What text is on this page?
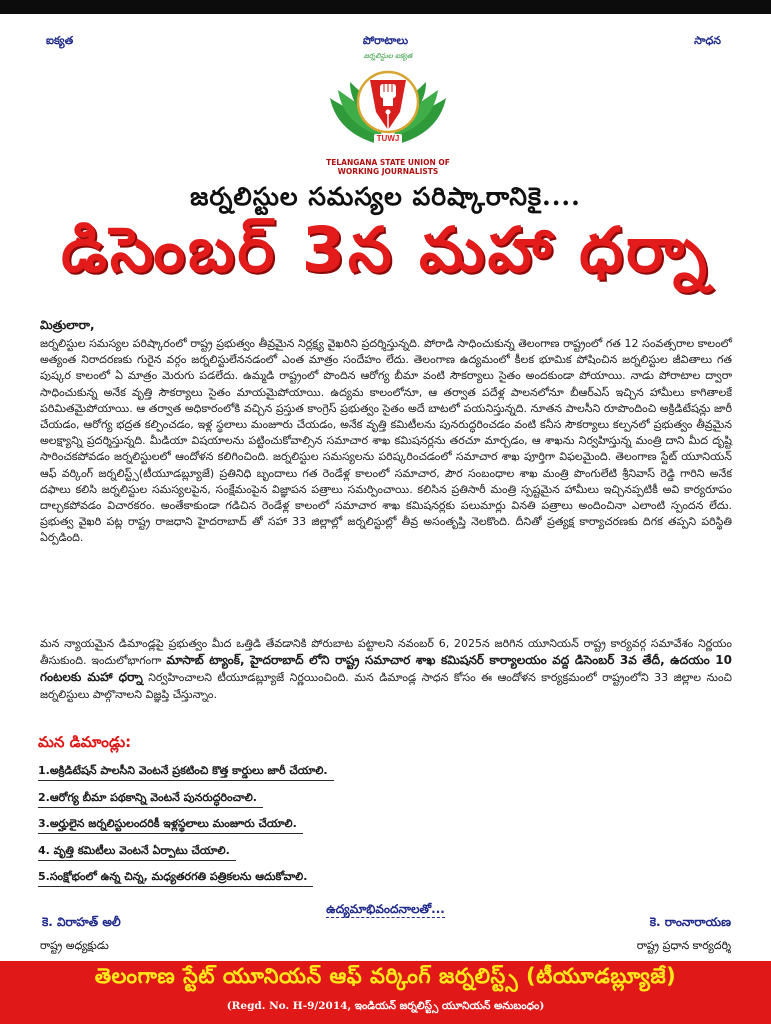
ఐక్యత	పోరాటాలు	సాధన
TUWJ
జర్నలిస్టుల ఐక్యత
TELANGANA STATE UNION OF
WORKING JOURNALISTS
జర్నలిస్టుల సమస్యల పరిష్కారానికై....
డిసెంబర్ 3న మహా ధర్నా
మిత్రులారా,

జర్నలిస్టుల సమస్యల పరిష్కారంలో రాష్ట్ర ప్రభుత్వం తీవ్రమైన నిర్లక్ష్య వైఖరిని ప్రదర్శిస్తున్నది. పోరాడి సాధించుకున్న తెలంగాణ రాష్ట్రంలో గత 12 సంవత్సరాల కాలంలో అత్యంత నిరాదరణకు గురైన వర్గం జర్నలిస్టులేననడంలో ఎంత మాత్రం సందేహం లేదు. తెలంగాణ ఉద్యమంలో కీలక భూమిక పోషించిన జర్నలిస్టుల జీవితాలు గత పుష్కర కాలంలో ఏ మాత్రం మెరుగు పడలేదు. ఉమ్మడి రాష్ట్రంలో పొందిన ఆరోగ్య బీమా వంటి సౌకర్యాలు సైతం అందకుండా పోయాయి. నాడు పోరాటాల ద్వారా సాధించుకున్న అనేక వృత్తి సౌకర్యాలు సైతం మాయమైపోయాయి. ఉద్యమ కాలంలోనూ, ఆ తర్వాత పదేళ్ల పాలనలోనూ బీఆర్ఎస్ ఇచ్చిన హామీలు కాగితాలకే పరిమితమైపోయాయి. ఆ తర్వాత అధికారంలోకి వచ్చిన ప్రస్తుత కాంగ్రెస్ ప్రభుత్వం సైతం అదే బాటలో పయనిస్తున్నది. నూతన పాలసీని రూపొందించి అక్రిడిటేషన్లు జారీ చేయడం, ఆరోగ్య భద్రత కల్పించడం, ఇళ్ల స్థలాలు మంజూరు చేయడం, అనేక వృత్తి కమిటీలను పునరుద్ధరించడం వంటి కనీస సౌకర్యాలు కల్పనలో ప్రభుత్వం తీవ్రమైన అలక్ష్యాన్ని ప్రదర్శిస్తున్నది. మీడియా విషయాలను పట్టించుకోవాల్సిన సమాచార శాఖ కమిషనర్లను తరచూ మార్చడం, ఆ శాఖను నిర్వహిస్తున్న మంత్రి దాని మీద దృష్టి సారించకపోవడం జర్నలిస్టులలో ఆందోళన కలిగించింది. జర్నలిస్టుల సమస్యలను పరిష్కరించడంలో సమాచార శాఖ పూర్తిగా విఫలమైంది. తెలంగాణ స్టేట్ యూనియన్ ఆఫ్ వర్కింగ్ జర్నలిస్ట్స్(టీయూడబ్ల్యూజే) ప్రతినిధి బృందాలు గత రెండేళ్ల కాలంలో సమాచార, పౌర సంబంధాల శాఖ మంత్రి పొంగులేటి శ్రీనివాస్ రెడ్డి గారిని అనేక దఫాలు కలిసి జర్నలిస్టుల సమస్యలపైన, సంక్షేమంపైన విజ్ఞాపన పత్రాలు సమర్పించాయి. కలిసిన ప్రతిసారీ మంత్రి స్పష్టమైన హామీలు ఇచ్చినప్పటికీ అవి కార్యరూపం దాల్చకపోవడం విచారకరం. అంతేకాకుండా గడిచిన రెండేళ్ల కాలంలో సమాచార శాఖ కమిషనర్లకు పలుమార్లు వినతి పత్రాలు అందించినా ఎలాంటి స్పందన లేదు. ప్రభుత్వ వైఖరి పట్ల రాష్ట్ర రాజధాని హైదరాబాద్ తో సహా 33 జిల్లాల్లో జర్నలిస్టుల్లో తీవ్ర అసంతృప్తి నెలకొంది. దీనితో ప్రత్యక్ష కార్యాచరణకు దిగక తప్పని పరిస్థితి ఏర్పడింది.

మన న్యాయమైన డిమాండ్లపై ప్రభుత్వం మీద ఒత్తిడి తేవడానికి పోరుబాట పట్టాలని నవంబర్ 6, 2025న జరిగిన యూనియన్ రాష్ట్ర కార్యవర్గ సమావేశం నిర్ణయం తీసుకుంది. ఇందులోభాగంగా మాసాబ్ ట్యాంక్, హైదరాబాద్ లోని రాష్ట్ర సమాచార శాఖ కమిషనర్ కార్యాలయం వద్ద డిసెంబర్ 3వ తేదీ, ఉదయం 10 గంటలకు మహా ధర్నా నిర్వహించాలని టీయూడబ్ల్యూజే నిర్ణయించింది. మన డిమాండ్ల సాధన కోసం ఈ ఆందోళన కార్యక్రమంలో రాష్ట్రంలోని 33 జిల్లాల నుంచి జర్నలిస్టులు పాల్గొనాలని విజ్ఞప్తి చేస్తున్నాం.

మన డిమాండ్లు:
1.అక్రిడిటేషన్ పాలసీని వెంటనే ప్రకటించి కొత్త కార్డులు జారీ చేయాలి.
2.ఆరోగ్య బీమా పథకాన్ని వెంటనే పునరుద్ధరించాలి.
3.అర్హులైన జర్నలిస్టులందరికీ ఇళ్లస్థలాలు మంజూరు చేయాలి.
4. వృత్తి కమిటీలు వెంటనే ఏర్పాటు చేయాలి.
5.సంక్షోభంలో ఉన్న చిన్న, మధ్యతరగతి పత్రికలను ఆదుకోవాలి.
ఉద్యమాభివందనాలతో...
కె. విరాహత్ అలీ
రాష్ట్ర అధ్యక్షుడు
కె. రాంనారాయణ
రాష్ట్ర ప్రధాన కార్యదర్శి
తెలంగాణ స్టేట్ యూనియన్ ఆఫ్ వర్కింగ్ జర్నలిస్ట్స్ (టీయూడబ్ల్యూజే)
(Regd. No. H-9/2014, ఇండియన్ జర్నలిస్ట్స్ యూనియన్ అనుబంధం)
